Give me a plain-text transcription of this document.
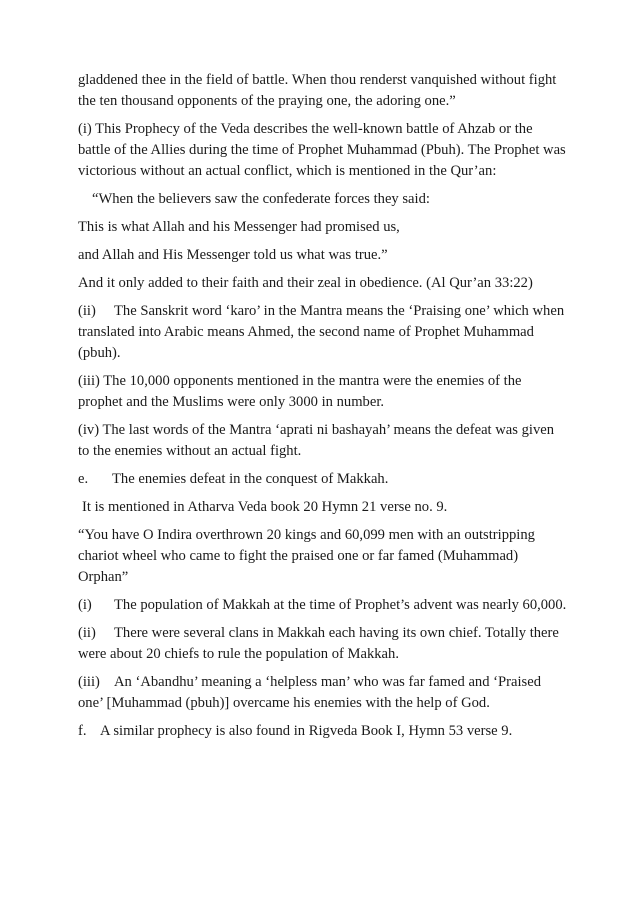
gladdened thee in the field of battle. When thou renderst vanquished without fight the ten thousand opponents of the praying one, the adoring one.”

(i) This Prophecy of the Veda describes the well-known battle of Ahzab or the battle of the Allies during the time of Prophet Muhammad (Pbuh). The Prophet was victorious without an actual conflict, which is mentioned in the Qur’an:

“When the believers saw the confederate forces they said:

This is what Allah and his Messenger had promised us,

and Allah and His Messenger told us what was true.”

And it only added to their faith and their zeal in obedience. (Al Qur’an 33:22)

(ii) The Sanskrit word ‘karo’ in the Mantra means the ‘Praising one’ which when translated into Arabic means Ahmed, the second name of Prophet Muhammad (pbuh).

(iii) The 10,000 opponents mentioned in the mantra were the enemies of the prophet and the Muslims were only 3000 in number.

(iv) The last words of the Mantra ‘aprati ni bashayah’ means the defeat was given to the enemies without an actual fight.

e. The enemies defeat in the conquest of Makkah.

It is mentioned in Atharva Veda book 20 Hymn 21 verse no. 9.

“You have O Indira overthrown 20 kings and 60,099 men with an outstripping chariot wheel who came to fight the praised one or far famed (Muhammad) Orphan”

(i) The population of Makkah at the time of Prophet’s advent was nearly 60,000.

(ii) There were several clans in Makkah each having its own chief. Totally there were about 20 chiefs to rule the population of Makkah.

(iii) An ‘Abandhu’ meaning a ‘helpless man’ who was far famed and ‘Praised one’ [Muhammad (pbuh)] overcame his enemies with the help of God.

f. A similar prophecy is also found in Rigveda Book I, Hymn 53 verse 9.
